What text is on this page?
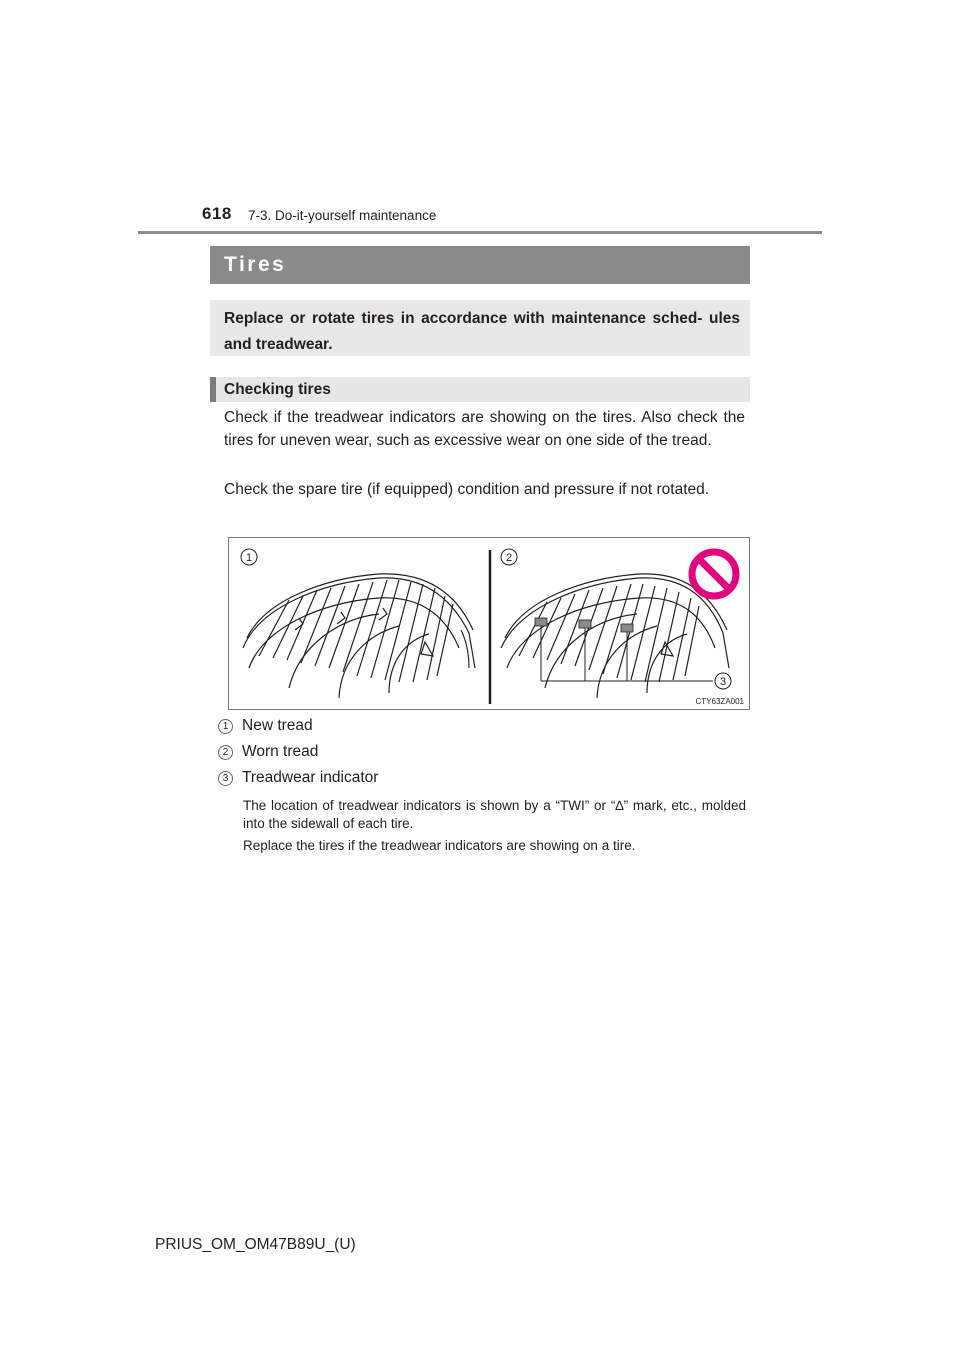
618 7-3. Do-it-yourself maintenance
Tires
Replace or rotate tires in accordance with maintenance sched- ules and treadwear.
Checking tires
Check if the treadwear indicators are showing on the tires. Also check the tires for uneven wear, such as excessive wear on one side of the tread.
Check the spare tire (if equipped) condition and pressure if not rotated.
1	2
3
CTY63ZA001
1 New tread
2 Worn tread
3 Treadwear indicator
The location of treadwear indicators is shown by a “TWI” or “∆” mark, etc., molded into the sidewall of each tire.
Replace the tires if the treadwear indicators are showing on a tire.
PRIUS_OM_OM47B89U_(U)
